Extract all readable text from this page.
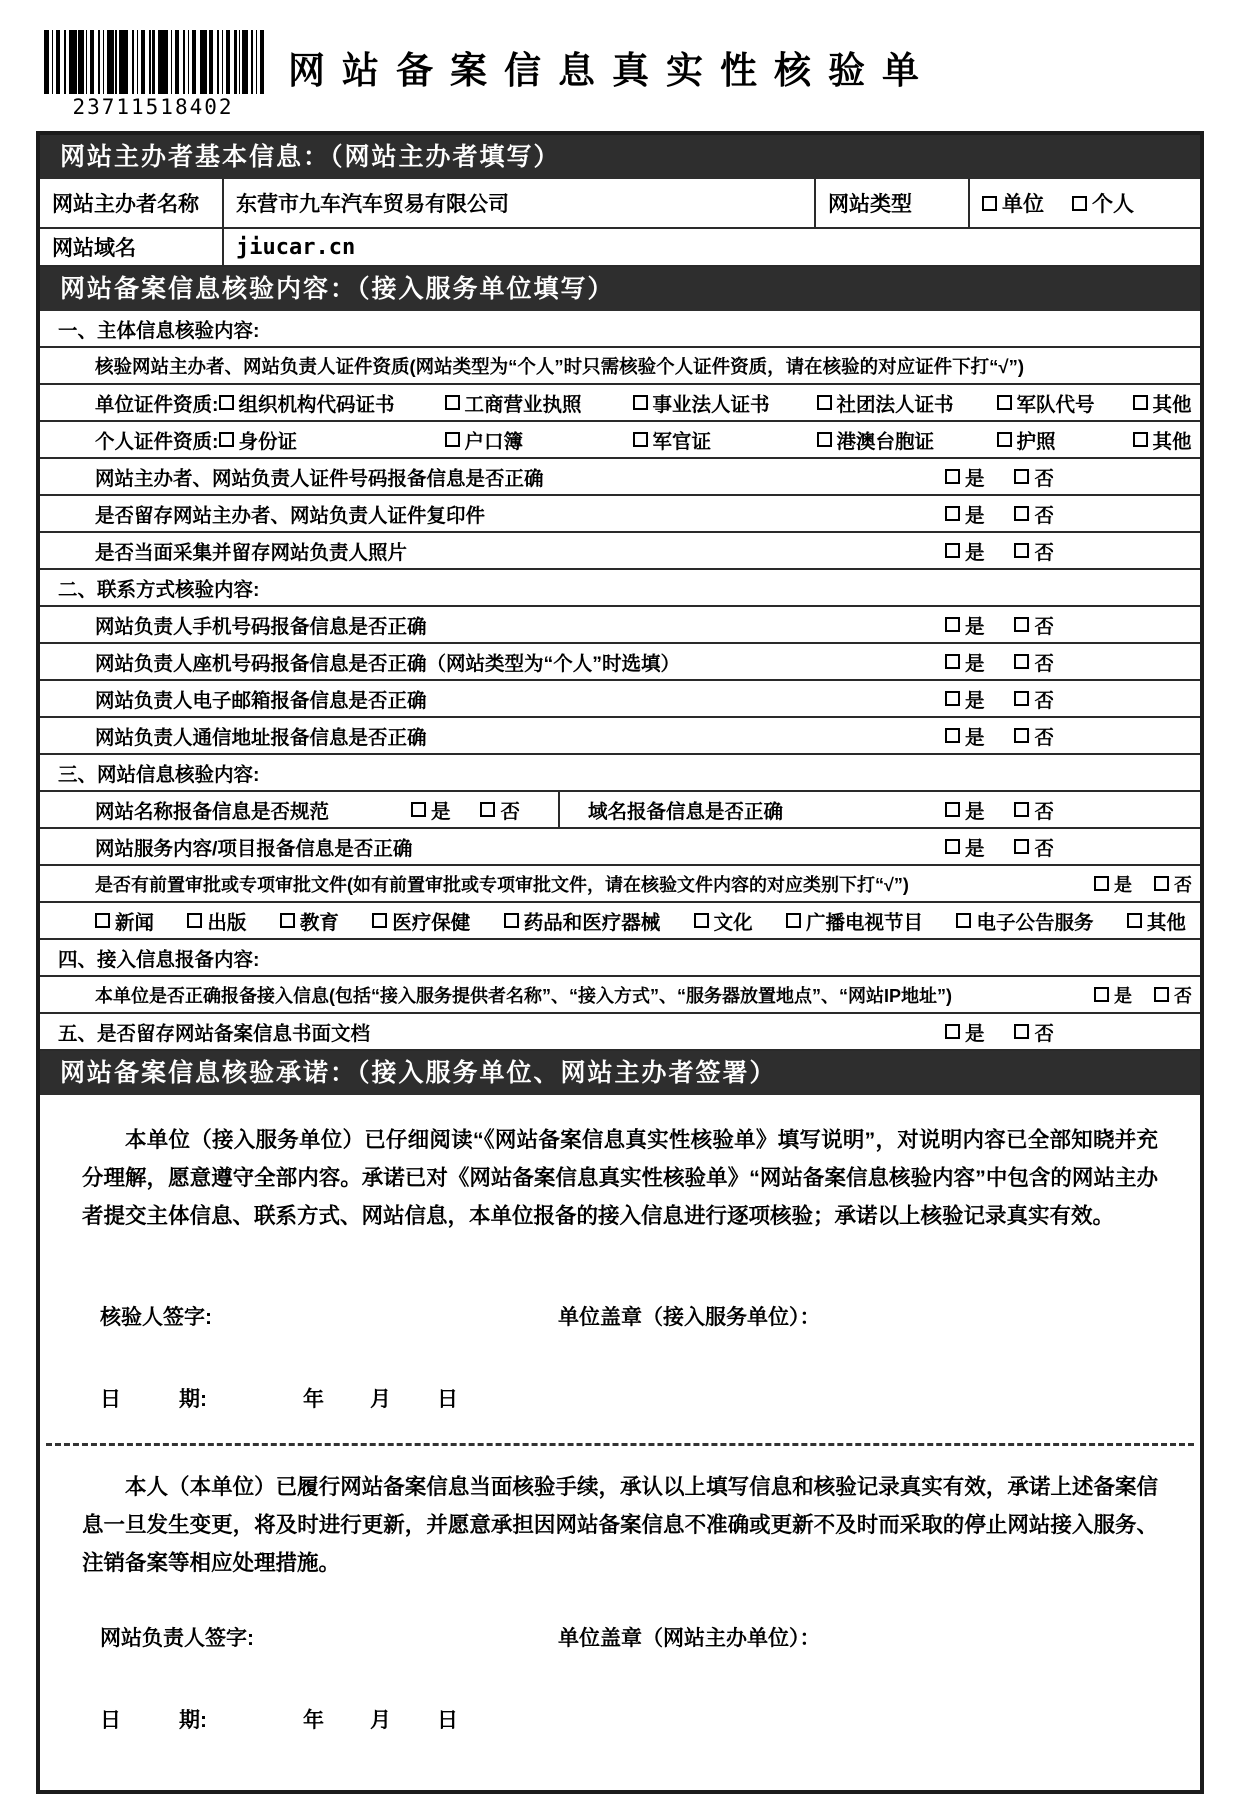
23711518402
网站备案信息真实性核验单
网站主办者基本信息：（网站主办者填写）
网站主办者名称	东营市九车汽车贸易有限公司	网站类型	单位 个人
网站域名	jiucar.cn
网站备案信息核验内容：（接入服务单位填写）
一、主体信息核验内容:
核验网站主办者、网站负责人证件资质(网站类型为“个人”时只需核验个人证件资质，请在核验的对应证件下打“√”)
单位证件资质: 组织机构代码证书	工商营业执照	事业法人证书	社团法人证书	军队代号	其他
个人证件资质: 身份证	户口簿	军官证	港澳台胞证	护照	其他
网站主办者、网站负责人证件号码报备信息是否正确	是	否
是否留存网站主办者、网站负责人证件复印件	是	否
是否当面采集并留存网站负责人照片	是	否
二、联系方式核验内容:
网站负责人手机号码报备信息是否正确	是	否
网站负责人座机号码报备信息是否正确（网站类型为“个人”时选填）	是	否
网站负责人电子邮箱报备信息是否正确	是	否
网站负责人通信地址报备信息是否正确	是	否
三、网站信息核验内容:
网站名称报备信息是否规范	是	否	域名报备信息是否正确	是	否
网站服务内容/项目报备信息是否正确	是	否
是否有前置审批或专项审批文件(如有前置审批或专项审批文件，请在核验文件内容的对应类别下打“√”)	是 否
新闻	出版	教育	医疗保健	药品和医疗器械	文化	广播电视节目	电子公告服务	其他
四、接入信息报备内容:
本单位是否正确报备接入信息(包括“接入服务提供者名称”、“接入方式”、“服务器放置地点”、“网站IP地址”)	是 否
五、是否留存网站备案信息书面文档	是	否
网站备案信息核验承诺：（接入服务单位、网站主办者签署）

本单位（接入服务单位）已仔细阅读“《网站备案信息真实性核验单》填写说明”，对说明内容已全部知晓并充分理解，愿意遵守全部内容。承诺已对《网站备案信息真实性核验单》“网站备案信息核验内容”中包含的网站主办者提交主体信息、联系方式、网站信息，本单位报备的接入信息进行逐项核验；承诺以上核验记录真实有效。

核验人签字:	单位盖章（接入服务单位）：
日	期:	年 月 日

本人（本单位）已履行网站备案信息当面核验手续，承认以上填写信息和核验记录真实有效，承诺上述备案信息一旦发生变更，将及时进行更新，并愿意承担因网站备案信息不准确或更新不及时而采取的停止网站接入服务、注销备案等相应处理措施。

网站负责人签字:	单位盖章（网站主办单位）：
日	期:	年 月 日
